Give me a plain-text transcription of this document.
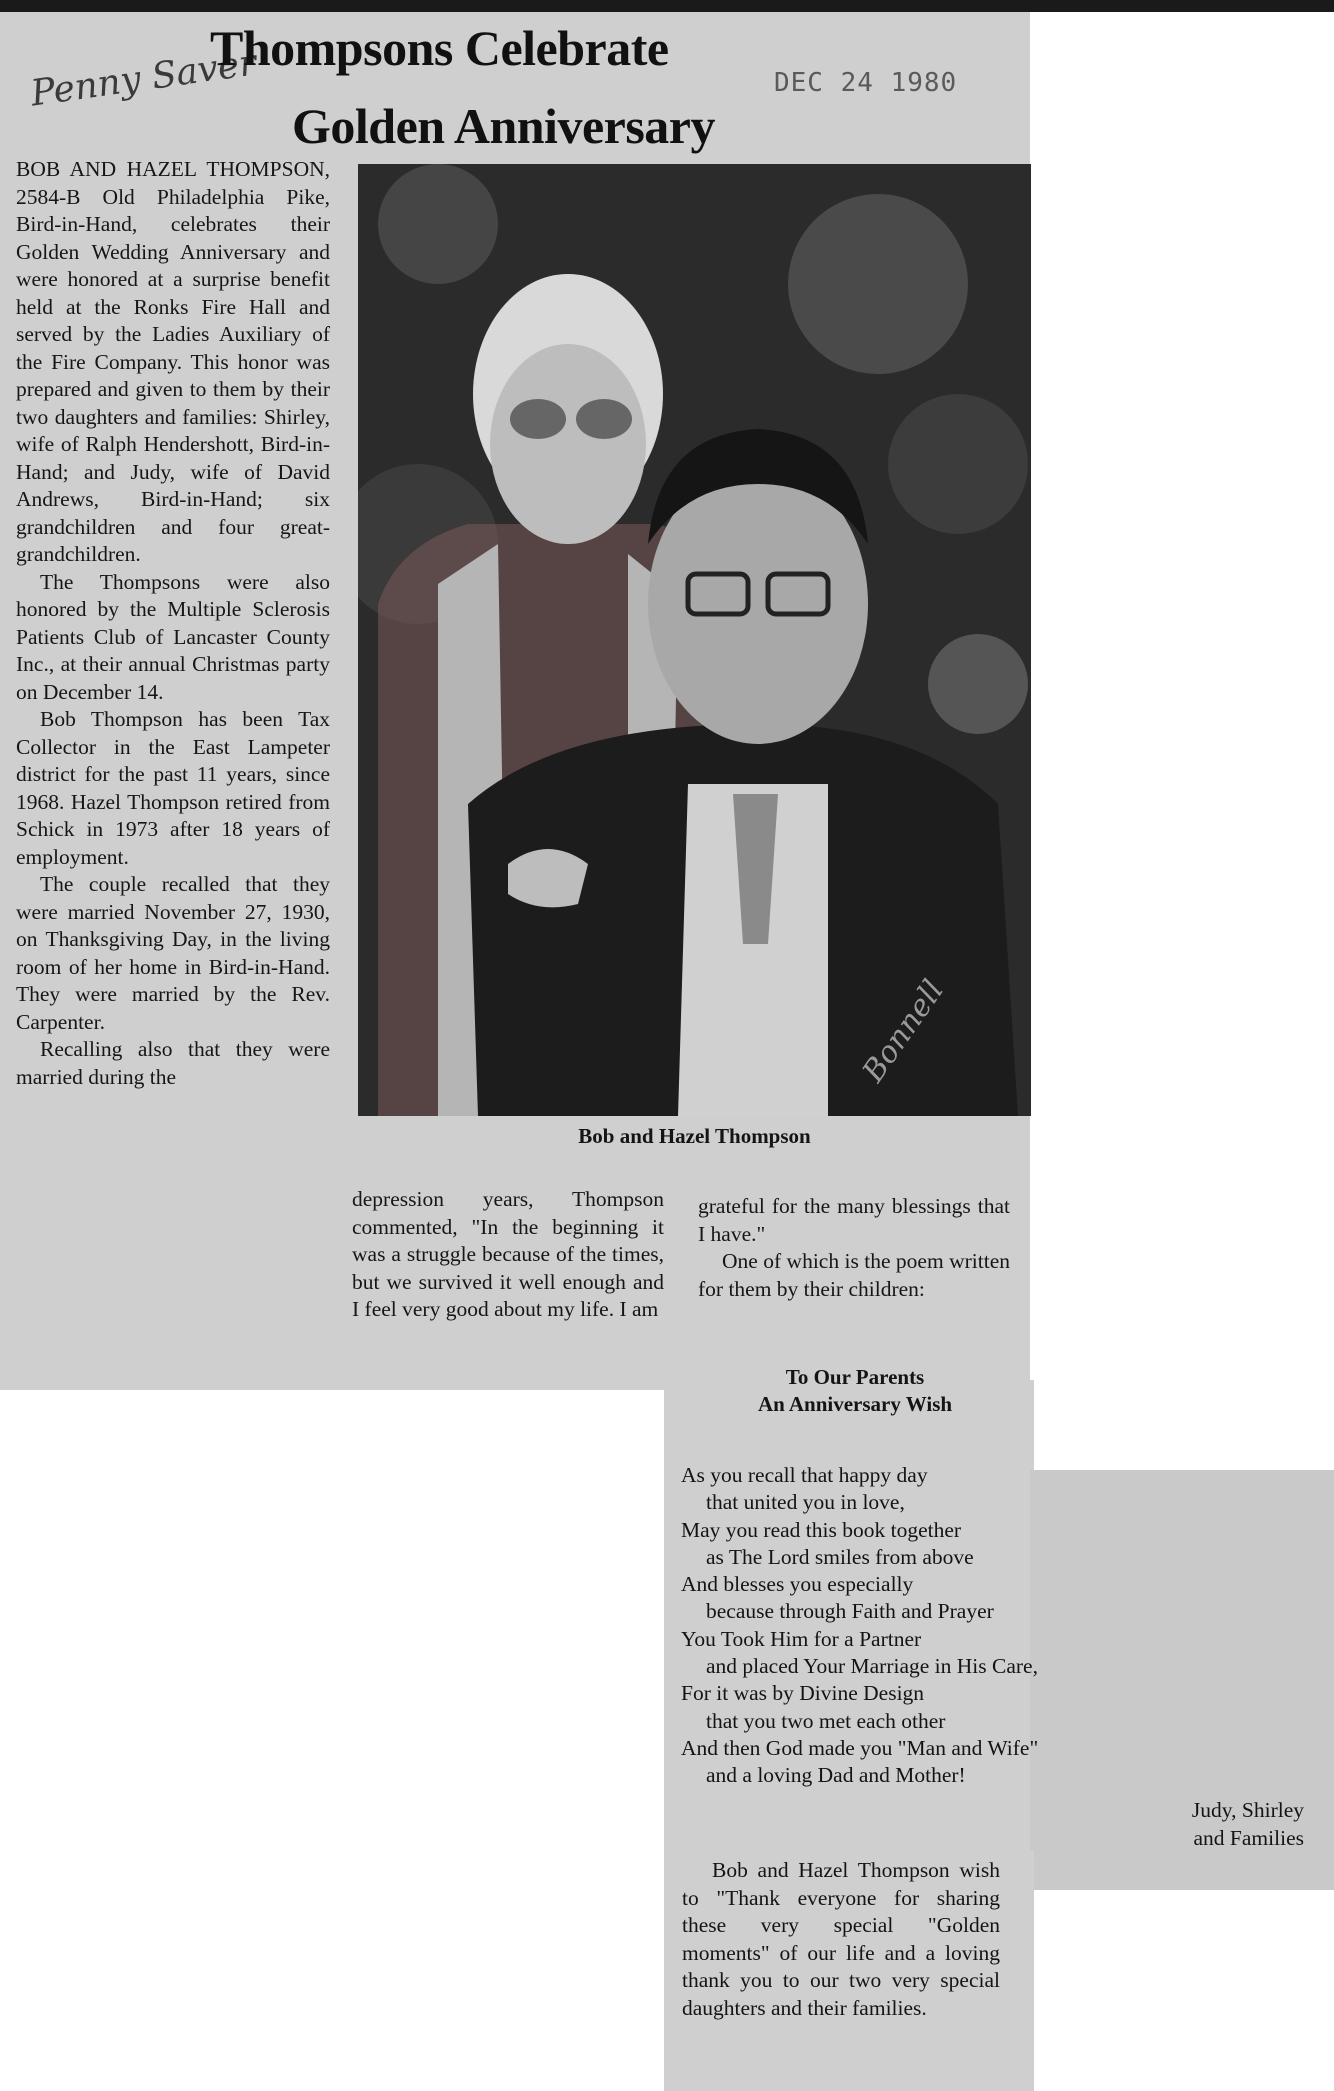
Penny Saver	DEC 24 1980
Thompsons Celebrate
Golden Anniversary

BOB AND HAZEL THOMPSON, 2584-B Old Philadelphia Pike, Bird-in-Hand, celebrates their Golden Wedding Anniversary and were honored at a surprise benefit held at the Ronks Fire Hall and served by the Ladies Auxiliary of the Fire Company. This honor was prepared and given to them by their two daughters and families: Shirley, wife of Ralph Hendershott, Bird-in-Hand; and Judy, wife of David Andrews, Bird-in-Hand; six grandchildren and four great-grandchildren.

The Thompsons were also honored by the Multiple Sclerosis Patients Club of Lancaster County Inc., at their annual Christmas party on December 14.

Bob Thompson has been Tax Collector in the East Lampeter district for the past 11 years, since 1968. Hazel Thompson retired from Schick in 1973 after 18 years of employment.

The couple recalled that they were married November 27, 1930, on Thanksgiving Day, in the living room of her home in Bird-in-Hand. They were married by the Rev. Carpenter.

Recalling also that they were married during the	Bonnell
Bob and Hazel Thompson

depression years, Thompson commented, "In the beginning it was a struggle because of the times, but we survived it well enough and I feel very good about my life. I am

grateful for the many blessings that I have."

One of which is the poem written for them by their children:

To Our Parents
An Anniversary Wish
As you recall that happy day
that united you in love,
May you read this book together
as The Lord smiles from above
And blesses you especially
because through Faith and Prayer
You Took Him for a Partner
and placed Your Marriage in His Care,
For it was by Divine Design
that you two met each other
And then God made you "Man and Wife"
and a loving Dad and Mother!
Judy, Shirley
and Families

Bob and Hazel Thompson wish to "Thank everyone for sharing these very special "Golden moments" of our life and a loving thank you to our two very special daughters and their families.
